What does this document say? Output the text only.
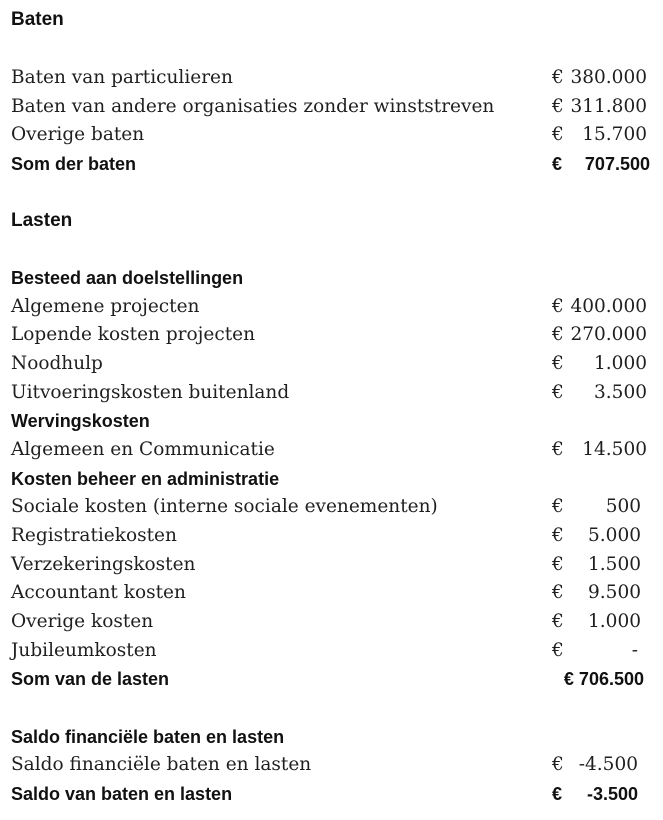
Baten
Baten van particulieren	€ 380.000
Baten van andere organisaties zonder winststreven	€ 311.800
Overige baten	€ 15.700
Som der baten	€ 707.500
Lasten
Besteed aan doelstellingen
Algemene projecten	€ 400.000
Lopende kosten projecten	€ 270.000
Noodhulp	€ 1.000
Uitvoeringskosten buitenland	€ 3.500
Wervingskosten
Algemeen en Communicatie	€ 14.500
Kosten beheer en administratie
Sociale kosten (interne sociale evenementen)	€ 500
Registratiekosten	€ 5.000
Verzekeringskosten	€ 1.500
Accountant kosten	€ 9.500
Overige kosten	€ 1.000
Jubileumkosten	€	-
Som van de lasten	€ 706.500
Saldo financiële baten en lasten
Saldo financiële baten en lasten	€ -4.500
Saldo van baten en lasten	€ -3.500
